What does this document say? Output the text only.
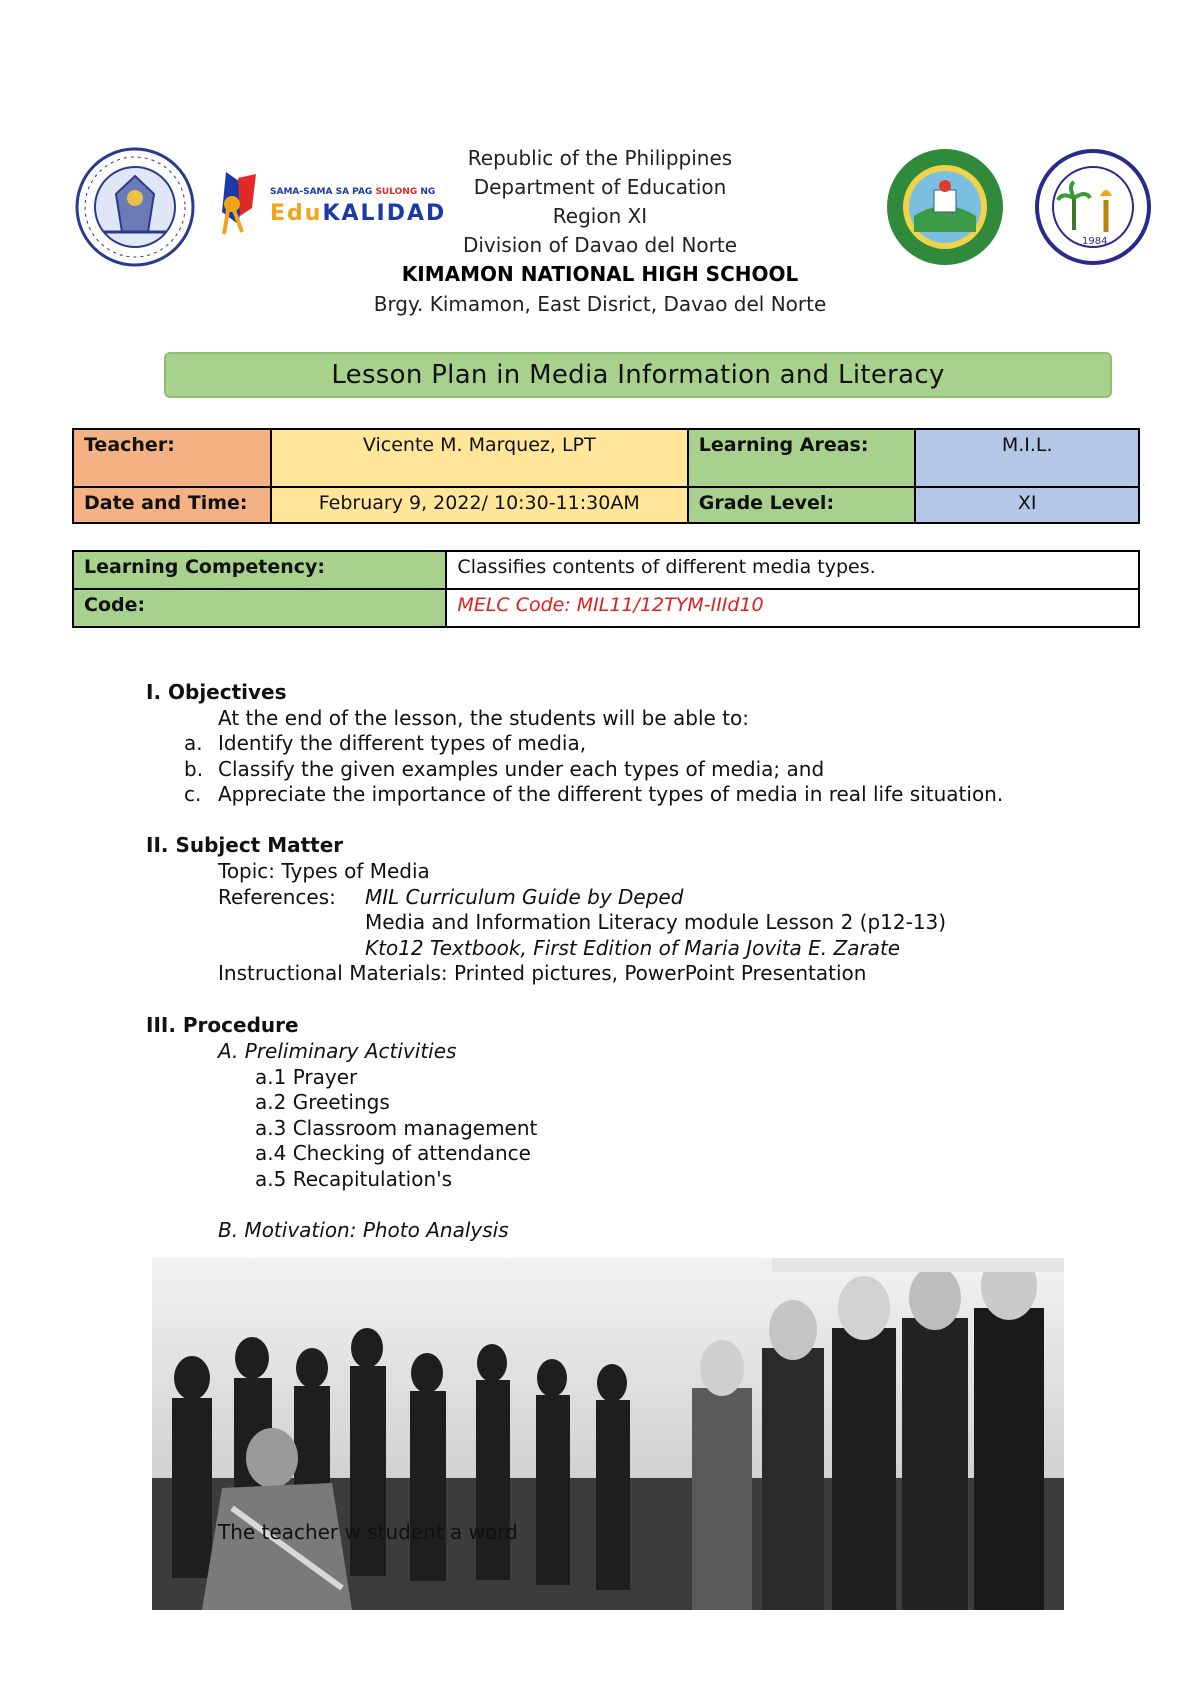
SAMA-SAMA SA PAG SULONG NG
EduKALIDAD
1984
Republic of the Philippines
Department of Education
Region XI
Division of Davao del Norte
KIMAMON NATIONAL HIGH SCHOOL
Brgy. Kimamon, East Disrict, Davao del Norte
Lesson Plan in Media Information and Literacy
Teacher:	Vicente M. Marquez, LPT	Learning Areas:	M.I.L.
Date and Time:	February 9, 2022/ 10:30-11:30AM	Grade Level:	XI
Learning Competency:	Classifies contents of different media types.
Code:	MELC Code: MIL11/12TYM-IIId10
I. Objectives
At the end of the lesson, the students will be able to:
a. Identify the different types of media,
b. Classify the given examples under each types of media; and
c. Appreciate the importance of the different types of media in real life situation.
II. Subject Matter
Topic: Types of Media
References: MIL Curriculum Guide by Deped
Media and Information Literacy module Lesson 2 (p12-13)
Kto12 Textbook, First Edition of Maria Jovita E. Zarate
Instructional Materials: Printed pictures, PowerPoint Presentation
III. Procedure
A. Preliminary Activities
a.1 Prayer
a.2 Greetings
a.3 Classroom management
a.4 Checking of attendance
a.5 Recapitulation's
B. Motivation: Photo Analysis
The teacher w student a word
